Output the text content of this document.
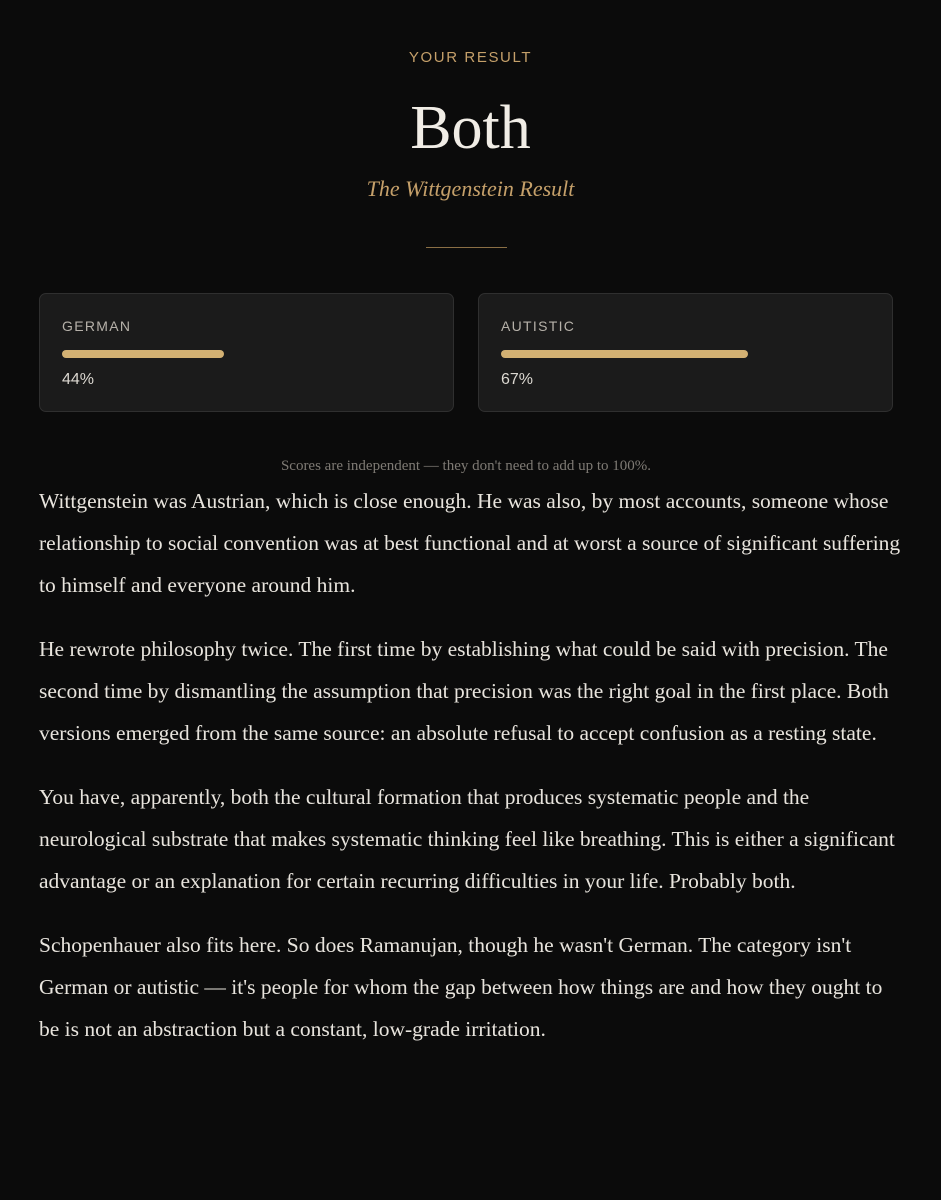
YOUR RESULT
Both
The Wittgenstein Result
GERMAN
44%
AUTISTIC
67%
Scores are independent — they don't need to add up to 100%.

Wittgenstein was Austrian, which is close enough. He was also, by most accounts, someone whose relationship to social convention was at best functional and at worst a source of significant suffering to himself and everyone around him.

He rewrote philosophy twice. The first time by establishing what could be said with precision. The second time by dismantling the assumption that precision was the right goal in the first place. Both versions emerged from the same source: an absolute refusal to accept confusion as a resting state.

You have, apparently, both the cultural formation that produces systematic people and the neurological substrate that makes systematic thinking feel like breathing. This is either a significant advantage or an explanation for certain recurring difficulties in your life. Probably both.

Schopenhauer also fits here. So does Ramanujan, though he wasn't German. The category isn't German or autistic — it's people for whom the gap between how things are and how they ought to be is not an abstraction but a constant, low-grade irritation.
